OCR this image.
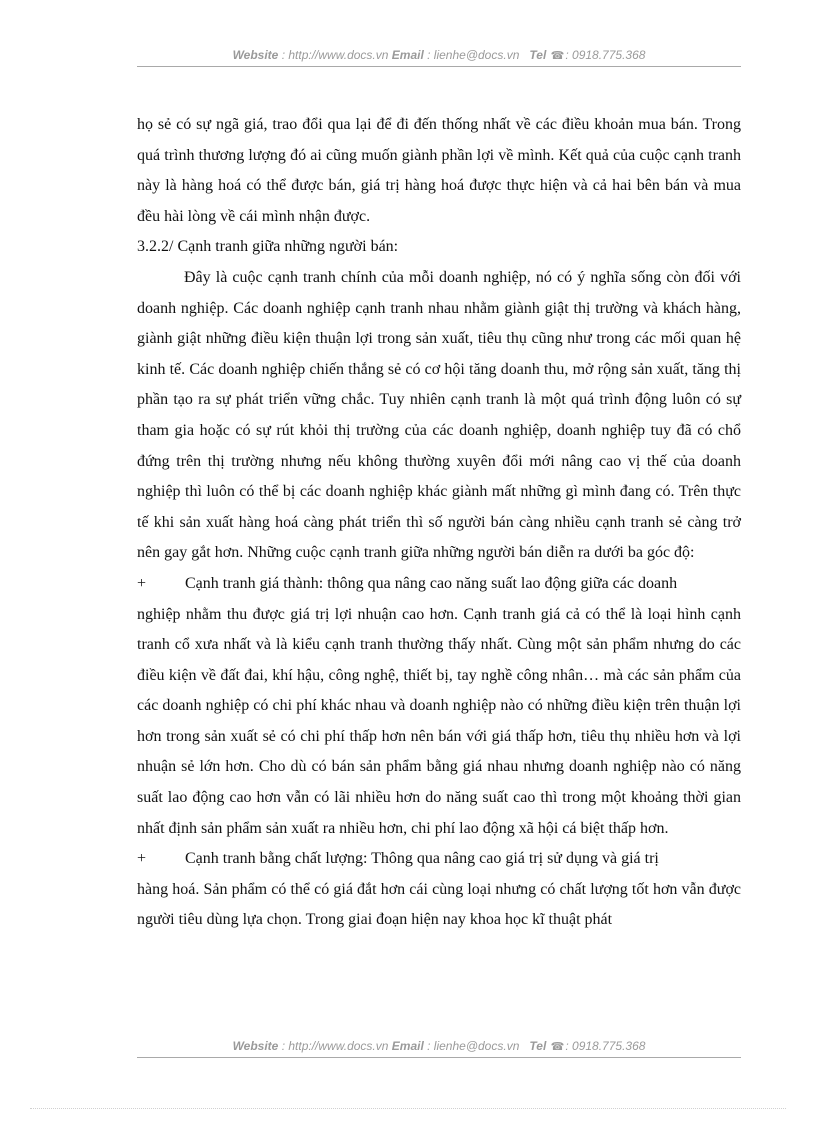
Website : http://www.docs.vn Email : lienhe@docs.vn Tel ☎: 0918.775.368

họ sẻ có sự ngã giá, trao đổi qua lại để đi đến thống nhất về các điều khoản mua bán. Trong quá trình thương lượng đó ai cũng muốn giành phần lợi về mình. Kết quả của cuộc cạnh tranh này là hàng hoá có thể được bán, giá trị hàng hoá được thực hiện và cả hai bên bán và mua đều hài lòng về cái mình nhận được.

3.2.2/ Cạnh tranh giữa những người bán:

Đây là cuộc cạnh tranh chính của mỗi doanh nghiệp, nó có ý nghĩa sống còn đối với doanh nghiệp. Các doanh nghiệp cạnh tranh nhau nhằm giành giật thị trường và khách hàng, giành giật những điều kiện thuận lợi trong sản xuất, tiêu thụ cũng như trong các mối quan hệ kinh tế. Các doanh nghiệp chiến thắng sẻ có cơ hội tăng doanh thu, mở rộng sản xuất, tăng thị phần tạo ra sự phát triển vững chắc. Tuy nhiên cạnh tranh là một quá trình động luôn có sự tham gia hoặc có sự rút khỏi thị trường của các doanh nghiệp, doanh nghiệp tuy đã có chổ đứng trên thị trường nhưng nếu không thường xuyên đổi mới nâng cao vị thế của doanh nghiệp thì luôn có thể bị các doanh nghiệp khác giành mất những gì mình đang có. Trên thực tế khi sản xuất hàng hoá càng phát triển thì số người bán càng nhiều cạnh tranh sẻ càng trở nên gay gắt hơn. Những cuộc cạnh tranh giữa những người bán diễn ra dưới ba góc độ:

+	Cạnh tranh giá thành: thông qua nâng cao năng suất lao động giữa các doanh

nghiệp nhằm thu được giá trị lợi nhuận cao hơn. Cạnh tranh giá cả có thể là loại hình cạnh tranh cổ xưa nhất và là kiểu cạnh tranh thường thấy nhất. Cùng một sản phẩm nhưng do các điều kiện về đất đai, khí hậu, công nghệ, thiết bị, tay nghề công nhân… mà các sản phẩm của các doanh nghiệp có chi phí khác nhau và doanh nghiệp nào có những điều kiện trên thuận lợi hơn trong sản xuất sẻ có chi phí thấp hơn nên bán với giá thấp hơn, tiêu thụ nhiều hơn và lợi nhuận sẻ lớn hơn. Cho dù có bán sản phẩm bằng giá nhau nhưng doanh nghiệp nào có năng suất lao động cao hơn vẫn có lãi nhiều hơn do năng suất cao thì trong một khoảng thời gian nhất định sản phẩm sản xuất ra nhiều hơn, chi phí lao động xã hội cá biệt thấp hơn.

+	Cạnh tranh bằng chất lượng: Thông qua nâng cao giá trị sử dụng và giá trị

hàng hoá. Sản phẩm có thể có giá đắt hơn cái cùng loại nhưng có chất lượng tốt hơn vẫn được người tiêu dùng lựa chọn. Trong giai đoạn hiện nay khoa học kĩ thuật phát

Website : http://www.docs.vn Email : lienhe@docs.vn Tel ☎: 0918.775.368
